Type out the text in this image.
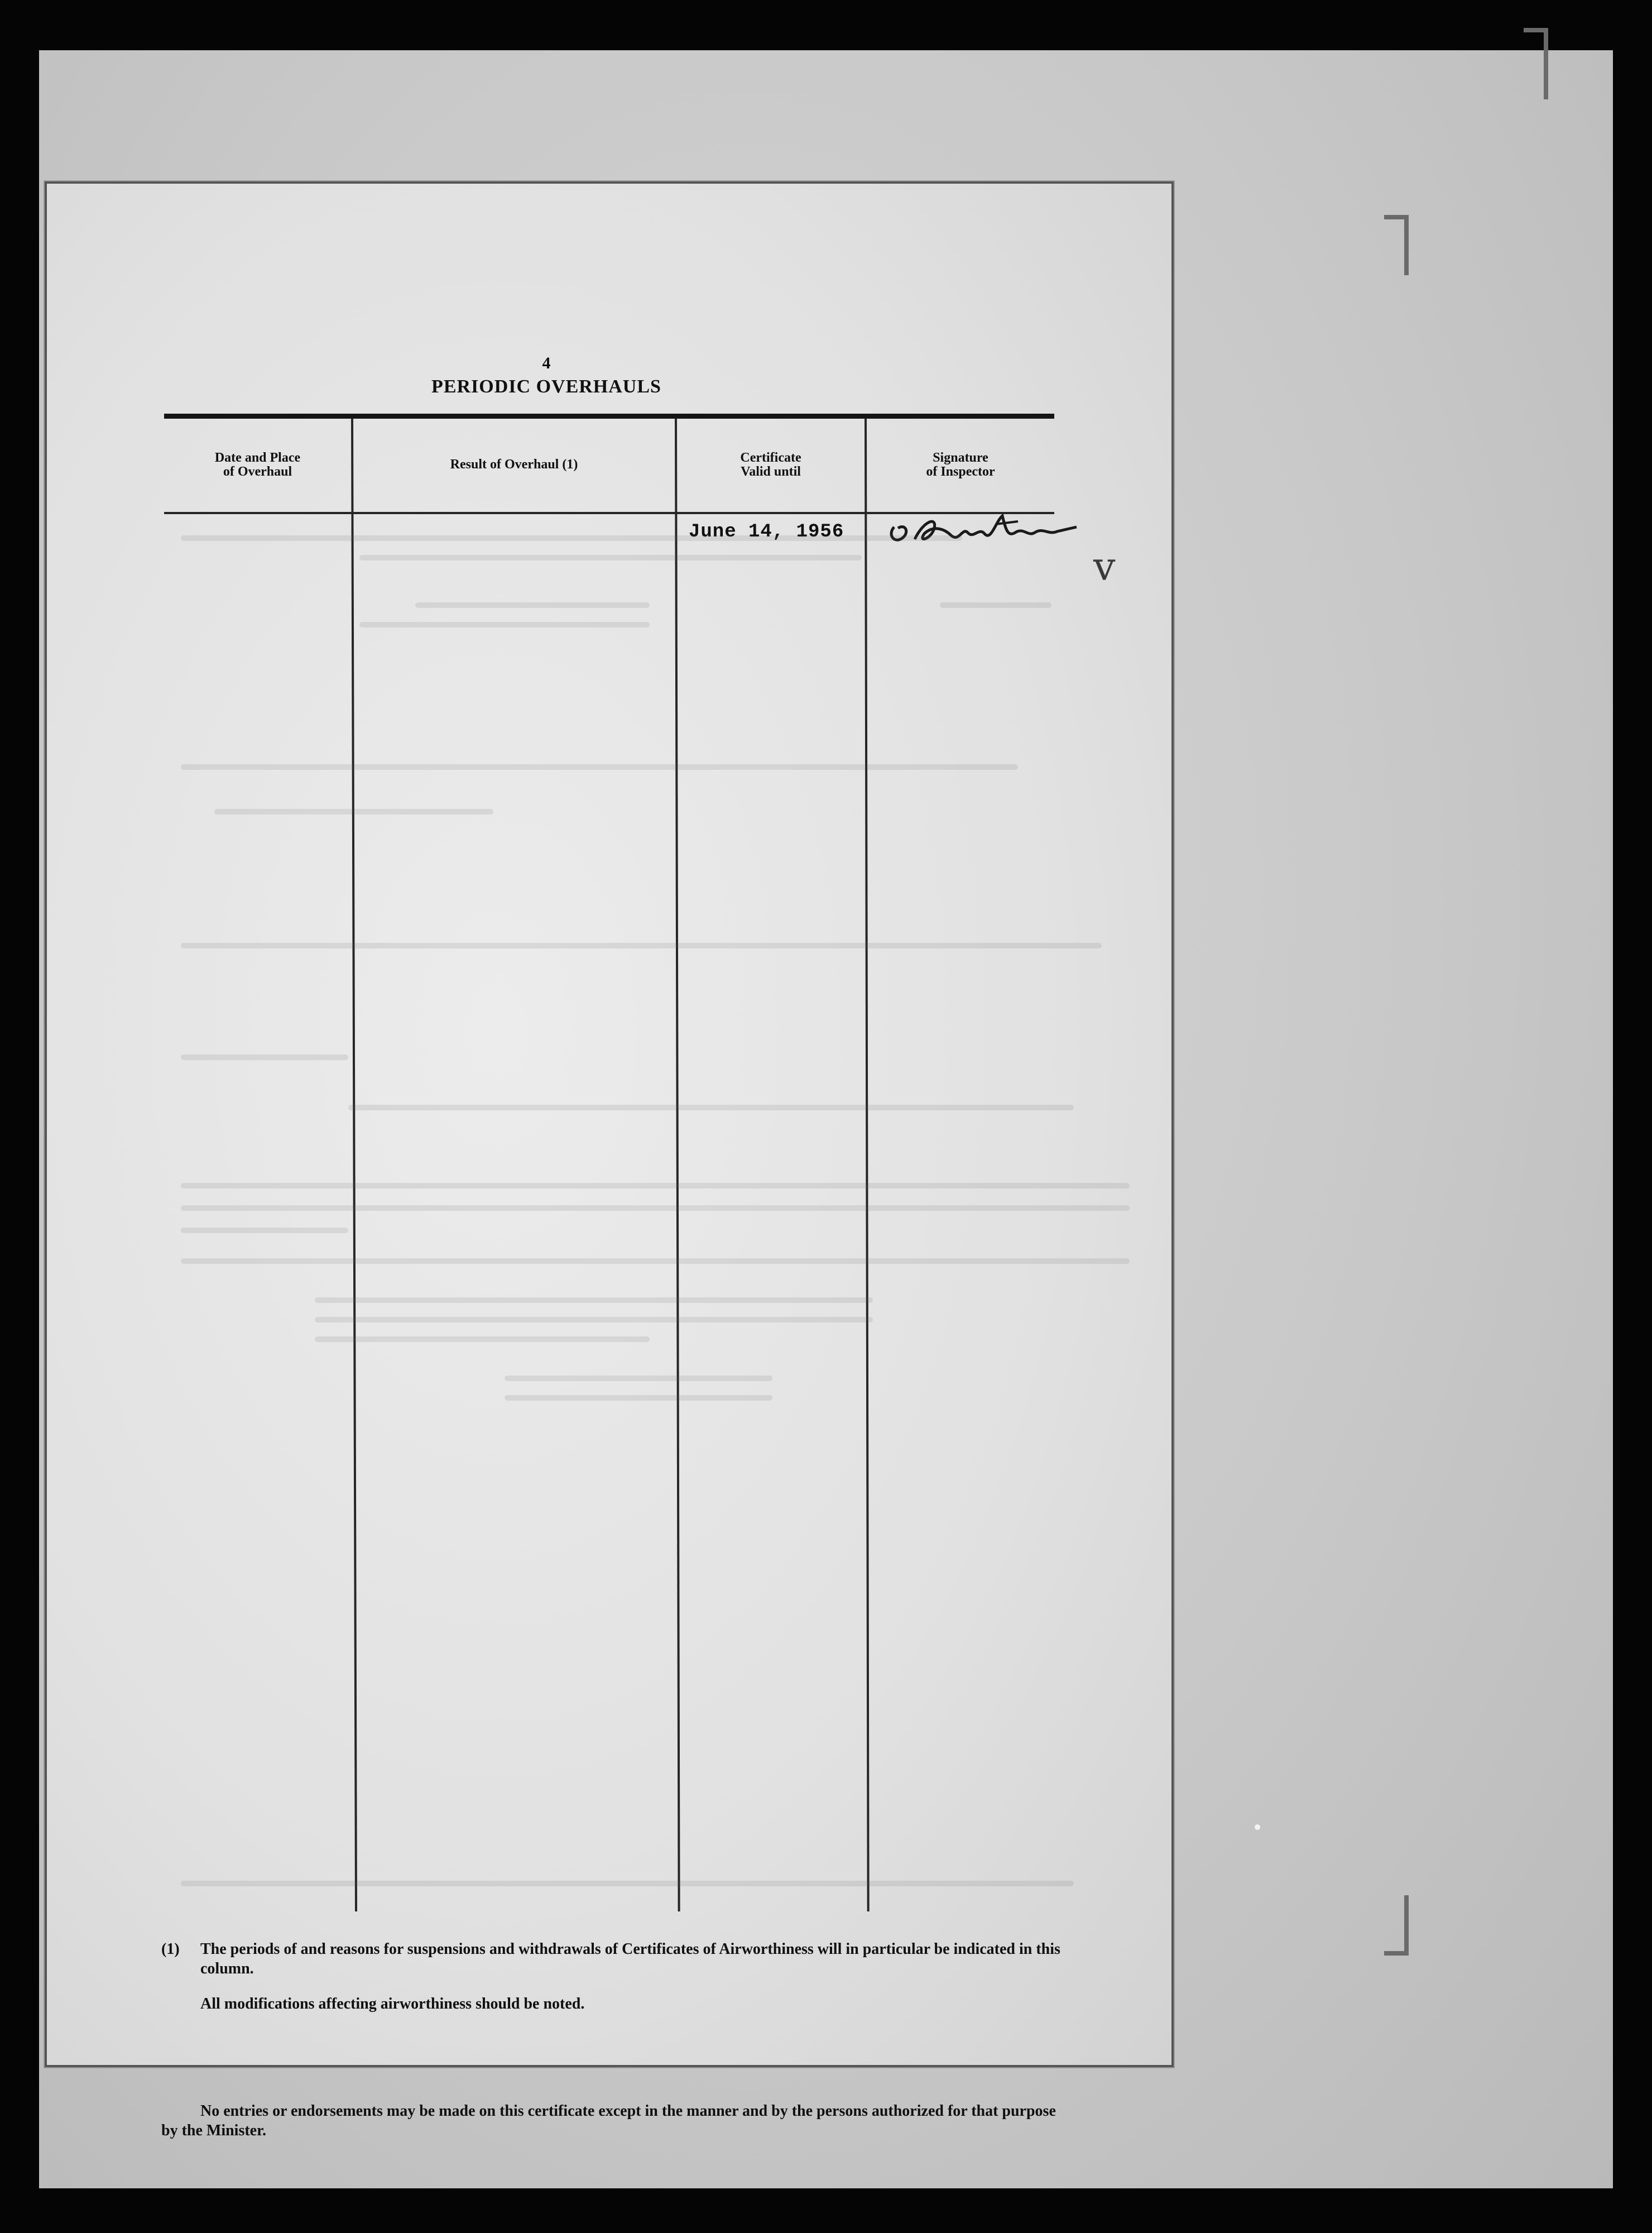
4
PERIODIC OVERHAULS
ⅴ
Date and Place
of Overhaul	Result of Overhaul (1)	Certificate
Valid until
Signature
of Inspector
June 14, 1956
(1) The periods of and reasons for suspensions and withdrawals of Certificates of Airworthiness will in particular be indicated in this column.
All modifications affecting airworthiness should be noted.
No entries or endorsements may be made on this certificate except in the manner and by the persons authorized for that purpose by the Minister.
